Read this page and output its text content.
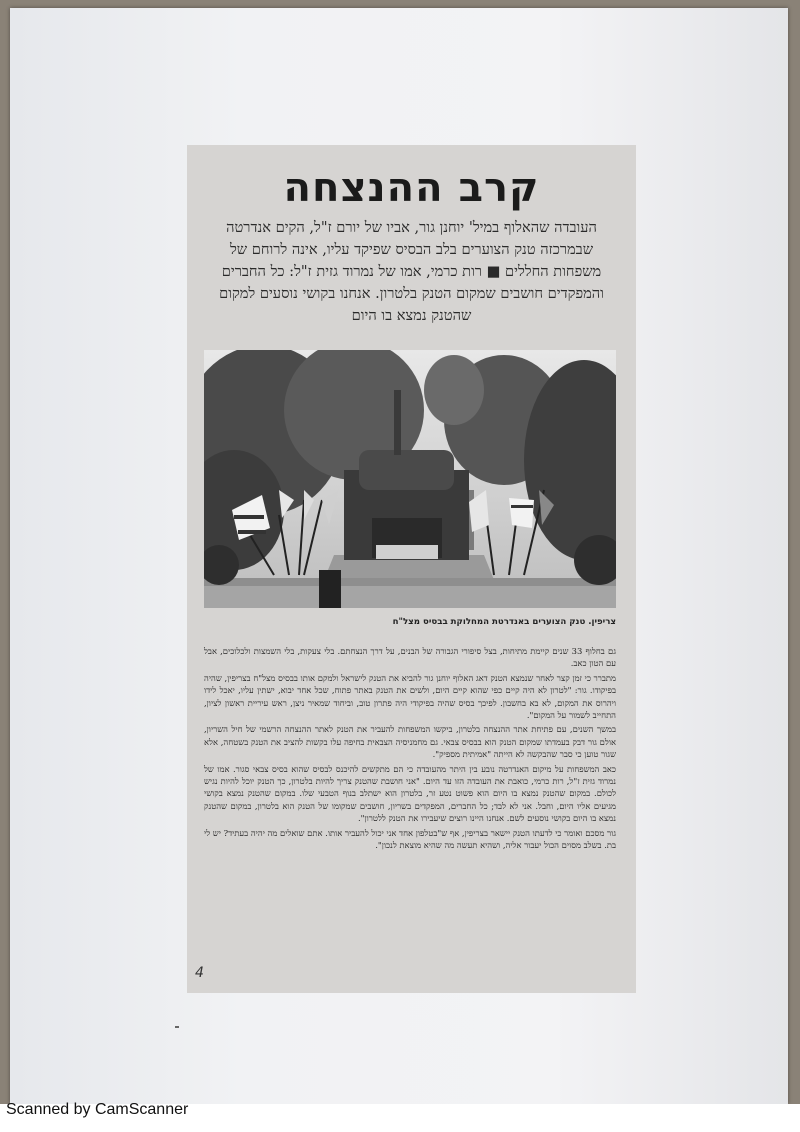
קרב ההנצחה
העובדה שהאלוף במיל' יוחנן גור, אביו של יורם ז"ל, הקים אנדרטה שבמרכזה טנק הצוערים בלב הבסיס שפיקד עליו, אינה לרוחם של משפחות החללים ■ רות כרמי, אמו של נמרוד גזית ז"ל: כל החברים והמפקדים חושבים שמקום הטנק בלטרון. אנחנו בקושי נוסעים למקום שהטנק נמצא בו היום
צריפין. טנק הצוערים באנדרטת המחלוקת בבסיס מצל"ח

גם בחלוף 33 שנים קיימת מתיחות, בצל סיפורי הגבורה של הבנים, על דרך הנצחתם. בלי צעקות, בלי השמצות ולכלוכים, אבל עם הטון כאב.

מתברר כי זמן קצר לאחר שנמצא הטנק דאג האלוף יוחנן גור להביא את הטנק לישראל ולמקם אותו בבסיס מצל"ח בצריפין, שהיה בפיקודו. גור: "לטרון לא היה קיים כפי שהוא קיים היום, ולשים את הטנק באתר פתוח, שכל אחד יבוא, ישתין עליו, יאכל לידו ויהרוס את המקום, לא בא בחשבון. לפיכך בסיס שהיה בפיקודי היה פתרון טוב, וביחוד שמאיר ניצן, ראש עיריית ראשון לציון, התחייב לשמור על המקום".

במשך השנים, עם פתיחת אתר ההנצחה בלטרון, ביקשו המשפחות להעביר את הטנק לאתר ההנצחה הרשמי של חיל השריון, אולם גור דבק בעמדתו שמקום הטנק הוא בבסיס צבאי. גם מחמניסיה הצבאית בחיפה עלו בקשות להציב את הטנק בשטחה, אלא שגור טוען כי סבר שהבקשה לא הייתה "אמיתית מספיק".

כאב המשפחות על מיקום האנדרטה נובע בין היתר מהעובדה כי הם מתקשים להיכנס לבסיס שהוא בסיס צבאי סגור. אמו של נמרוד גזית ז"ל, רות כרמי, כואבת את העובדה הזו עד היום. "אני חושבת שהטנק צריך להיות בלטרון, כך הטנק יוכל להיות נגיש לכולם. במקום שהטנק נמצא בו היום הוא פשוט נטע זר, בלטרון הוא ישתלב בנוף הטבעי שלו. במקום שהטנק נמצא בקושי מגיעים אליו היום, וחבל. אני לא לבד; כל החברים, המפקדים בשריון, חושבים שמקומו של הטנק הוא בלטרון, במקום שהטנק נמצא בו היום בקושי נוסעים לשם. אנחנו היינו רוצים שיעבירו את הטנק ללטרון".

גור מסכם ואומר כי לדעתו הטנק יישאר בצריפין, אף ש"בטלפון אחד אני יכול להעביר אותו. אתם שואלים מה יהיה בעתיד? יש לי בת. בשלב מסוים הכול יעבור אליה, ושהיא תעשה מה שהיא מוצאת לנכון".

4
Scanned by CamScanner
